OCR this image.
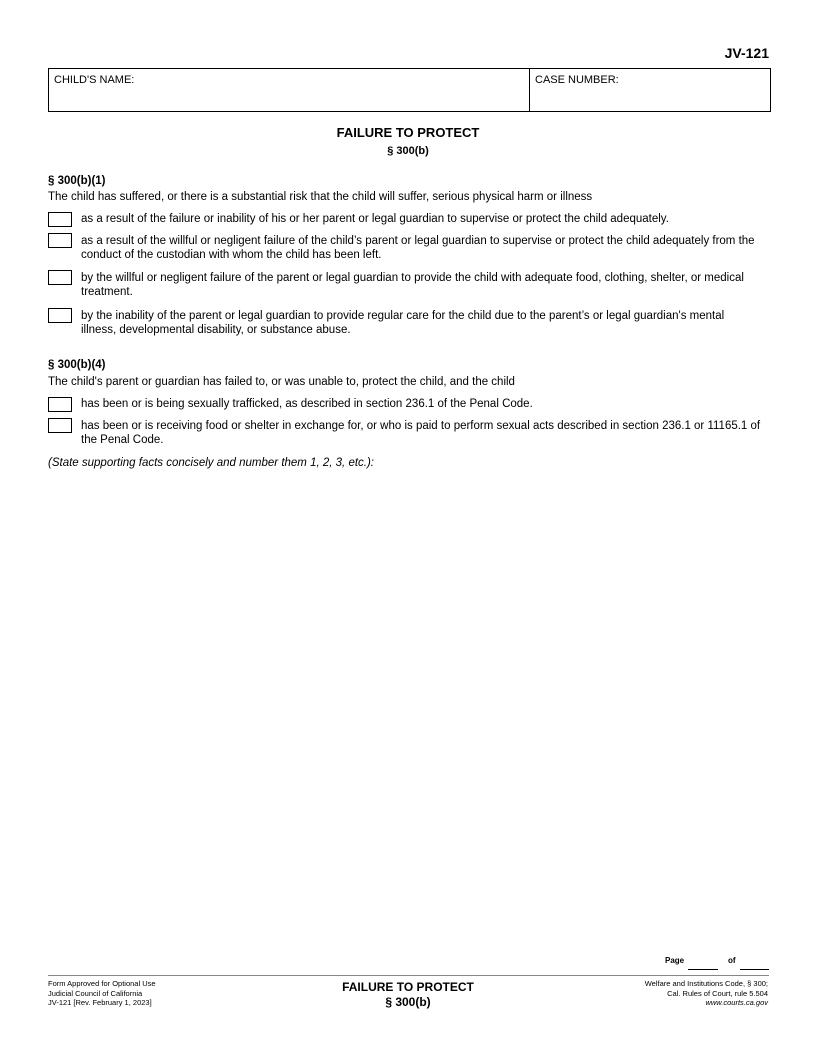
JV-121
CHILD'S NAME:	CASE NUMBER:
FAILURE TO PROTECT
§ 300(b)
§ 300(b)(1)
The child has suffered, or there is a substantial risk that the child will suffer, serious physical harm or illness
as a result of the failure or inability of his or her parent or legal guardian to supervise or protect the child adequately.
as a result of the willful or negligent failure of the child’s parent or legal guardian to supervise or protect the child adequately from the conduct of the custodian with whom the child has been left.
by the willful or negligent failure of the parent or legal guardian to provide the child with adequate food, clothing, shelter, or medical treatment.
by the inability of the parent or legal guardian to provide regular care for the child due to the parent’s or legal guardian's mental illness, developmental disability, or substance abuse.
§ 300(b)(4)
The child's parent or guardian has failed to, or was unable to, protect the child, and the child
has been or is being sexually trafficked, as described in section 236.1 of the Penal Code.
has been or is receiving food or shelter in exchange for, or who is paid to perform sexual acts described in section 236.1 or 11165.1 of the Penal Code.
(State supporting facts concisely and number them 1, 2, 3, etc.):
Page	of
Form Approved for Optional Use
Judicial Council of California
JV-121 [Rev. February 1, 2023]
FAILURE TO PROTECT
§ 300(b)
Welfare and Institutions Code, § 300;
Cal. Rules of Court, rule 5.504
www.courts.ca.gov
